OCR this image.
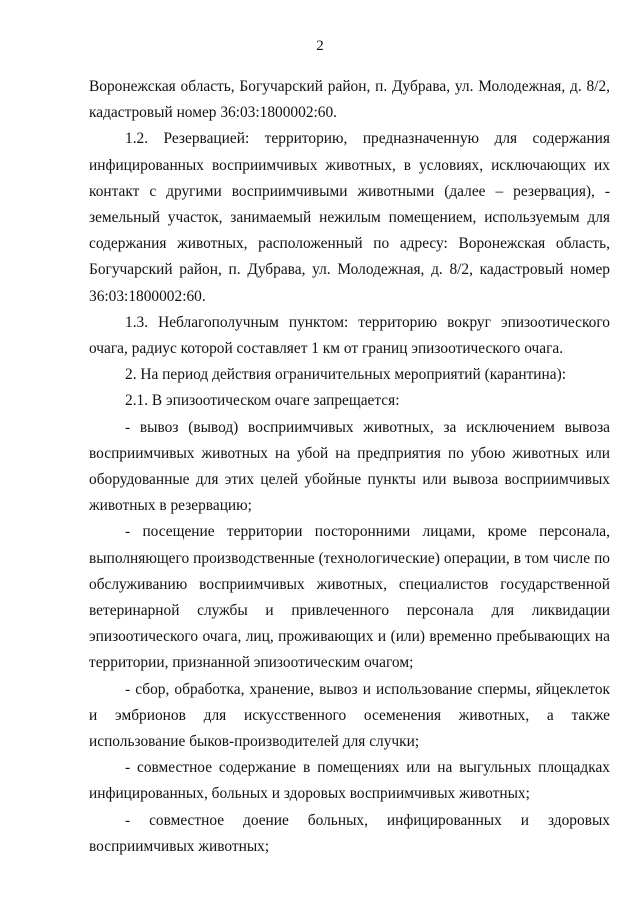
2

Воронежская область, Богучарский район, п. Дубрава, ул. Молодежная, д. 8/2, кадастровый номер 36:03:1800002:60.

1.2. Резервацией: территорию, предназначенную для содержания инфицированных восприимчивых животных, в условиях, исключающих их контакт с другими восприимчивыми животными (далее – резервация), - земельный участок, занимаемый нежилым помещением, используемым для содержания животных, расположенный по адресу: Воронежская область, Богучарский район, п. Дубрава, ул. Молодежная, д. 8/2, кадастровый номер 36:03:1800002:60.

1.3. Неблагополучным пунктом: территорию вокруг эпизоотического очага, радиус которой составляет 1 км от границ эпизоотического очага.

2. На период действия ограничительных мероприятий (карантина):

2.1. В эпизоотическом очаге запрещается:

- вывоз (вывод) восприимчивых животных, за исключением вывоза восприимчивых животных на убой на предприятия по убою животных или оборудованные для этих целей убойные пункты или вывоза восприимчивых животных в резервацию;

- посещение территории посторонними лицами, кроме персонала, выполняющего производственные (технологические) операции, в том числе по обслуживанию восприимчивых животных, специалистов государственной ветеринарной службы и привлеченного персонала для ликвидации эпизоотического очага, лиц, проживающих и (или) временно пребывающих на территории, признанной эпизоотическим очагом;

- сбор, обработка, хранение, вывоз и использование спермы, яйцеклеток и эмбрионов для искусственного осеменения животных, а также использование быков-производителей для случки;

- совместное содержание в помещениях или на выгульных площадках инфицированных, больных и здоровых восприимчивых животных;

- совместное доение больных, инфицированных и здоровых восприимчивых животных;
